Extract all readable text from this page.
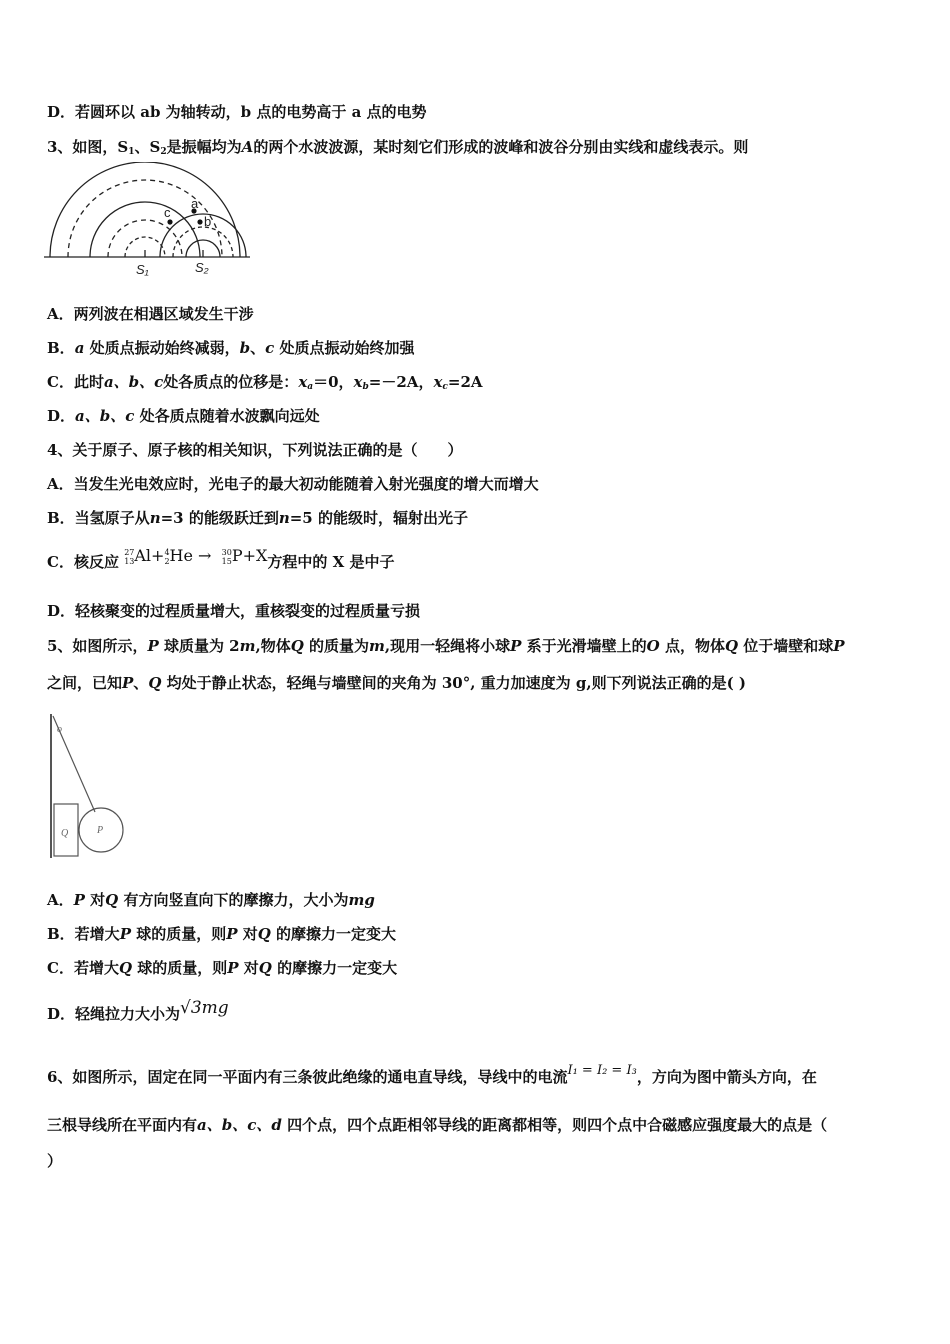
D．若圆环以 ab 为轴转动，b 点的电势高于 a 点的电势
3、如图，$S_1$、$S_2$是振幅均为A的两个水波波源，某时刻它们形成的波峰和波谷分别由实线和虚线表示。则
c
a
b
S₁	S₂
A．两列波在相遇区域发生干涉
B．a 处质点振动始终减弱，b、c 处质点振动始终加强
C．此时a、b、c处各质点的位移是：$x_a=0$，$x_b=-2A$，$x_c=2A$
D．a、b、c 处各质点随着水波飘向远处
4、关于原子、原子核的相关知识，下列说法正确的是（　　）
A．当发生光电效应时，光电子的最大初动能随着入射光强度的增大而增大
B．当氢原子从n=3 的能级跃迁到n=5 的能级时，辐射出光子
C．核反应 27
13Al+4
2He → 30
15P+X方程中的 X 是中子
D．轻核聚变的过程质量增大，重核裂变的过程质量亏损
5、如图所示，P 球质量为 2m,物体Q 的质量为m,现用一轻绳将小球P 系于光滑墙壁上的O 点，物体Q 位于墙壁和球P
之间，已知P、Q 均处于静止状态，轻绳与墙壁间的夹角为 30°, 重力加速度为 g,则下列说法正确的是( )
o
Q	P
A．P 对Q 有方向竖直向下的摩擦力，大小为mg
B．若增大P 球的质量，则P 对Q 的摩擦力一定变大
C．若增大Q 球的质量，则P 对Q 的摩擦力一定变大
D．轻绳拉力大小为√3mg
6、如图所示，固定在同一平面内有三条彼此绝缘的通电直导线，导线中的电流I₁ = I₂ = I₃，方向为图中箭头方向，在
三根导线所在平面内有a、b、c、d 四个点，四个点距相邻导线的距离都相等，则四个点中合磁感应强度最大的点是（
）
